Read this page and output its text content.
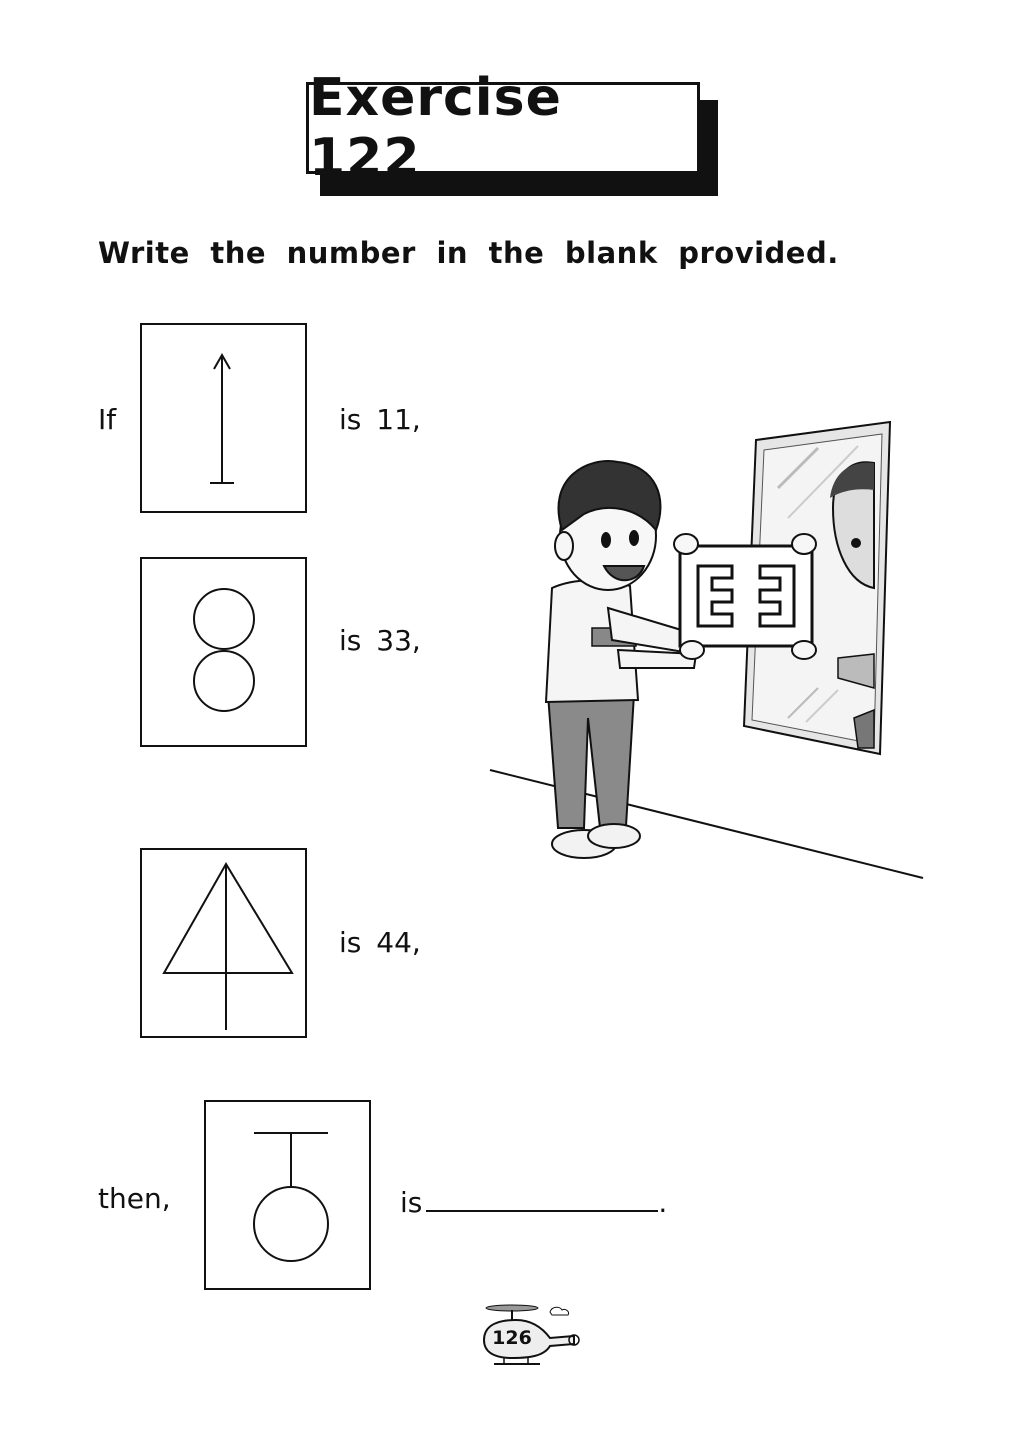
Exercise 122
Write the number in the blank provided.
If	is 11,
is 33,
is 44,
then,	is	.
126
